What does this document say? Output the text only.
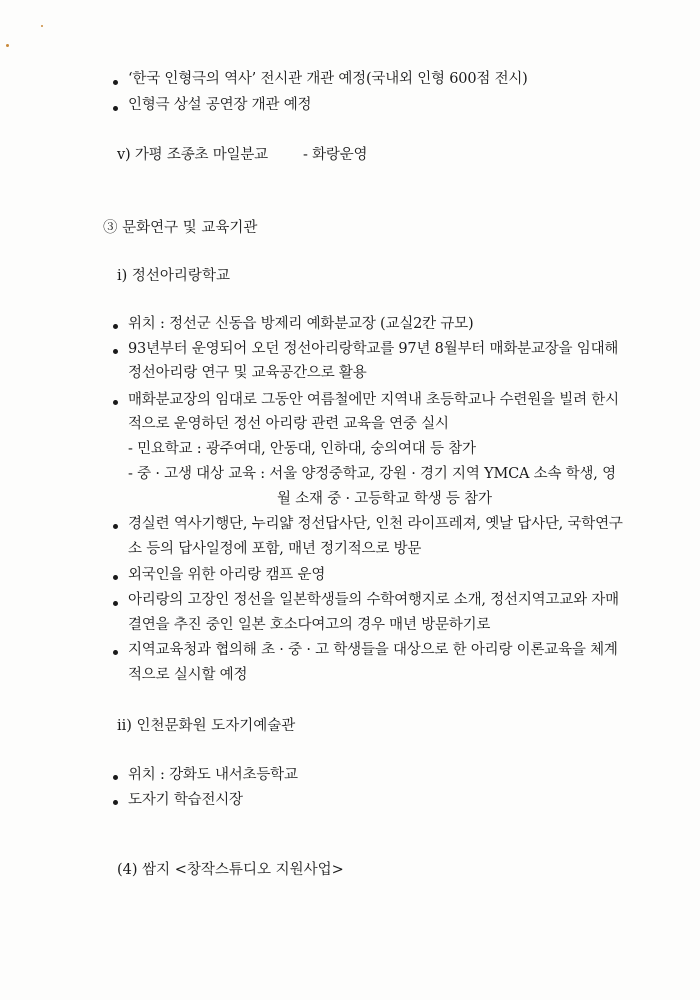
‘한국 인형극의 역사’ 전시관 개관 예정(국내외 인형 600점 전시)
인형극 상설 공연장 개관 예정
ⅴ) 가평 조종초 마일분교 - 화랑운영
③ 문화연구 및 교육기관
ⅰ) 정선아리랑학교
위치 : 정선군 신동읍 방제리 예화분교장 (교실2칸 규모)
93년부터 운영되어 오던 정선아리랑학교를 97년 8월부터 매화분교장을 임대해
정선아리랑 연구 및 교육공간으로 활용
매화분교장의 임대로 그동안 여름철에만 지역내 초등학교나 수련원을 빌려 한시
적으로 운영하던 정선 아리랑 관련 교육을 연중 실시
- 민요학교 : 광주여대, 안동대, 인하대, 숭의여대 등 참가
- 중 · 고생 대상 교육 : 서울 양정중학교, 강원 · 경기 지역 YMCA 소속 학생, 영
월 소재 중 · 고등학교 학생 등 참가
경실련 역사기행단, 누리얇 정선답사단, 인천 라이프레져, 옛날 답사단, 국학연구
소 등의 답사일정에 포함, 매년 정기적으로 방문
외국인을 위한 아리랑 캠프 운영
아리랑의 고장인 정선을 일본학생들의 수학여행지로 소개, 정선지역고교와 자매
결연을 추진 중인 일본 호소다여고의 경우 매년 방문하기로
지역교육청과 협의해 초 · 중 · 고 학생들을 대상으로 한 아리랑 이론교육을 체계
적으로 실시할 예정
ⅱ) 인천문화원 도자기예술관
위치 : 강화도 내서초등학교
도자기 학습전시장
(4) 쌈지 <창작스튜디오 지원사업>
